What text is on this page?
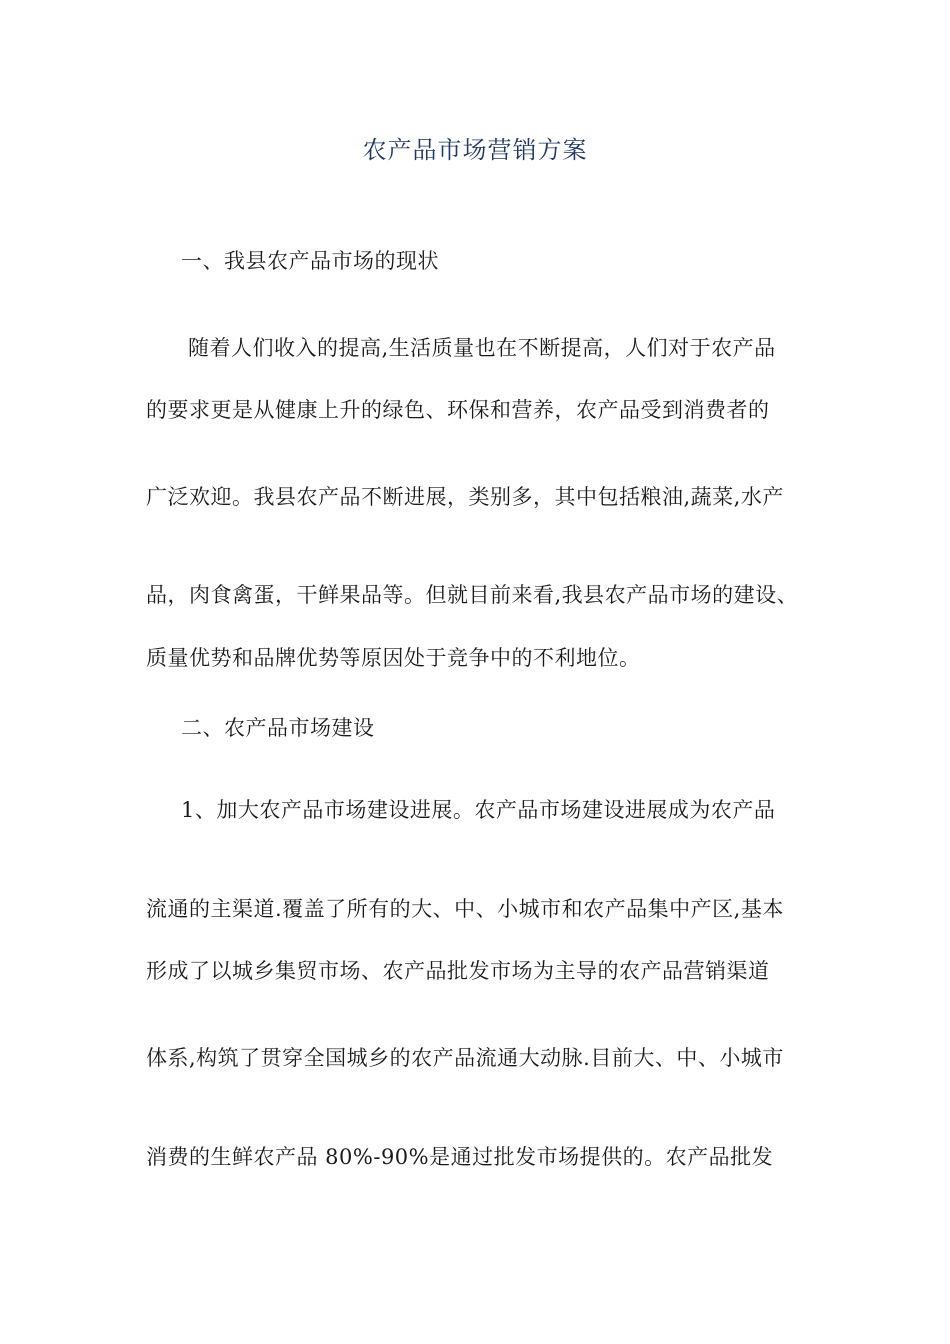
农产品市场营销方案
一、我县农产品市场的现状
随着人们收入的提高,生活质量也在不断提高，人们对于农产品
的要求更是从健康上升的绿色、环保和营养，农产品受到消费者的
广泛欢迎。我县农产品不断进展，类别多，其中包括粮油,蔬菜,水产
品，肉食禽蛋，干鲜果品等。但就目前来看,我县农产品市场的建设、
质量优势和品牌优势等原因处于竞争中的不利地位。
二、农产品市场建设
1、加大农产品市场建设进展。农产品市场建设进展成为农产品
流通的主渠道.覆盖了所有的大、中、小城市和农产品集中产区,基本
形成了以城乡集贸市场、农产品批发市场为主导的农产品营销渠道
体系,构筑了贯穿全国城乡的农产品流通大动脉.目前大、中、小城市
消费的生鲜农产品 80%-90%是通过批发市场提供的。农产品批发
